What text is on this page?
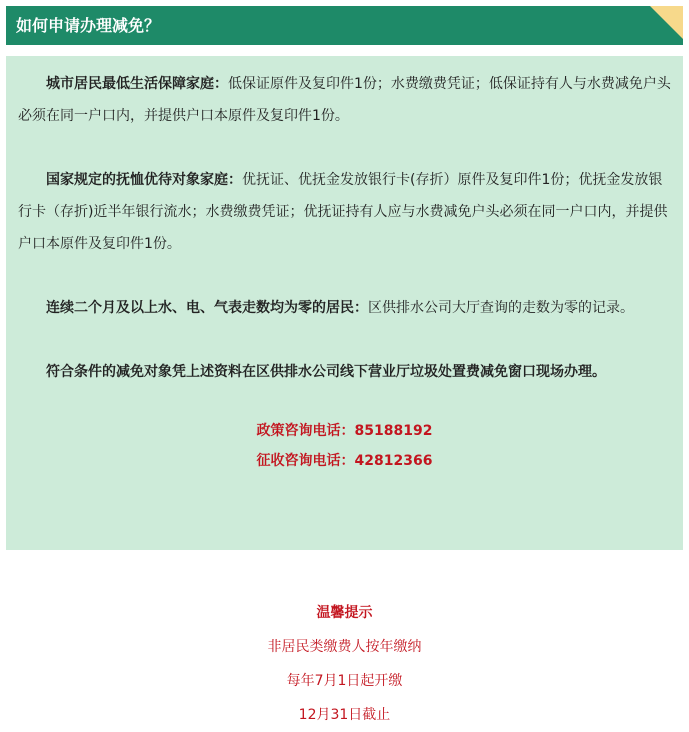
如何申请办理减免？

城市居民最低生活保障家庭：低保证原件及复印件1份；水费缴费凭证；低保证持有人与水费减免户头必须在同一户口内，并提供户口本原件及复印件1份。

国家规定的抚恤优待对象家庭：优抚证、优抚金发放银行卡(存折）原件及复印件1份；优抚金发放银行卡（存折)近半年银行流水；水费缴费凭证；优抚证持有人应与水费减免户头必须在同一户口内，并提供户口本原件及复印件1份。

连续二个月及以上水、电、气表走数均为零的居民：区供排水公司大厅查询的走数为零的记录。

符合条件的减免对象凭上述资料在区供排水公司线下营业厅垃圾处置费减免窗口现场办理。

政策咨询电话：85188192
征收咨询电话：42812366
温馨提示
非居民类缴费人按年缴纳
每年7月1日起开缴
12月31日截止
